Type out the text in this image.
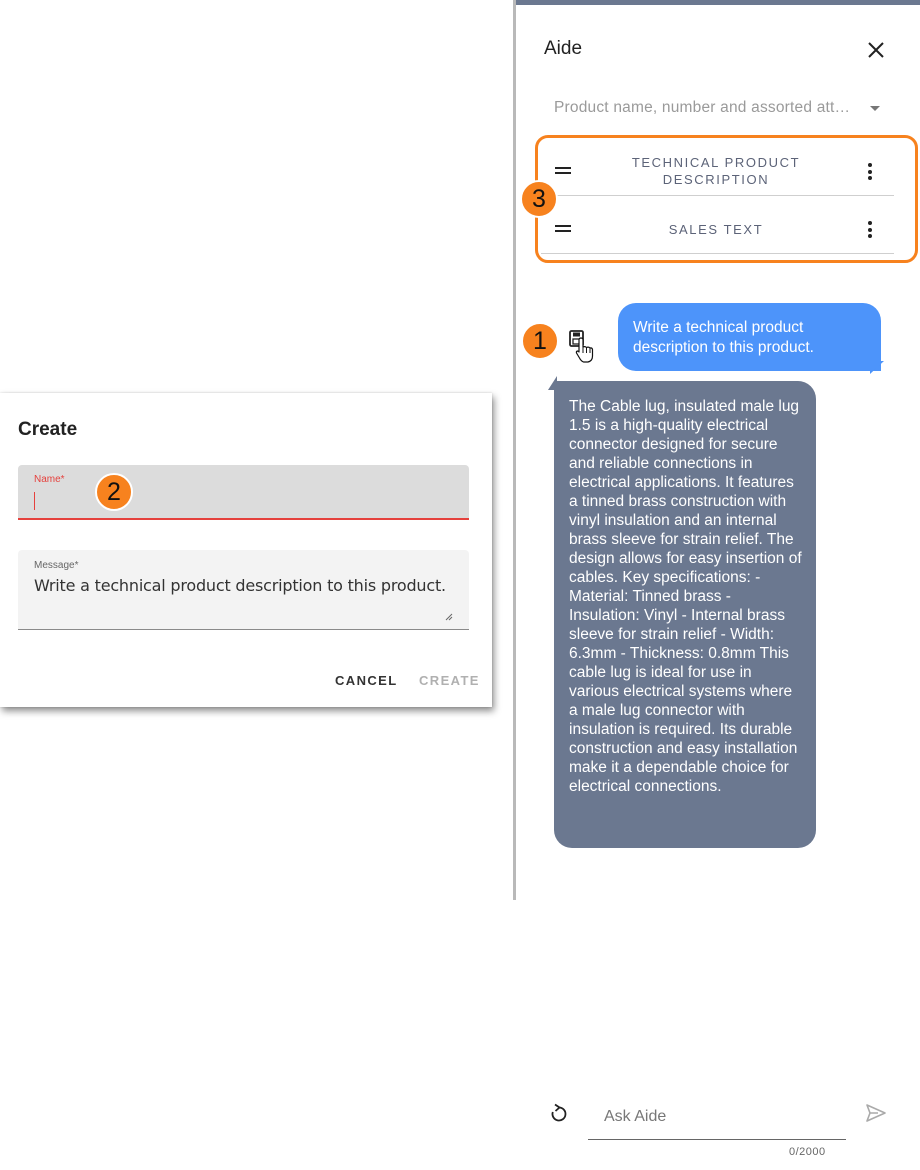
Create
Name*
Message*
Write a technical product description to this product.
CANCEL CREATE
2
Aide
Product name, number and assorted att…
TECHNICAL PRODUCT DESCRIPTION
SALES TEXT
3
1	Write a technical product description to this product.
The Cable lug, insulated male lug 1.5 is a high-quality electrical connector designed for secure and reliable connections in electrical applications. It features a tinned brass construction with vinyl insulation and an internal brass sleeve for strain relief. The design allows for easy insertion of cables. Key specifications: - Material: Tinned brass - Insulation: Vinyl - Internal brass sleeve for strain relief - Width: 6.3mm - Thickness: 0.8mm This cable lug is ideal for use in various electrical systems where a male lug connector with insulation is required. Its durable construction and easy installation make it a dependable choice for electrical connections.
Ask Aide
0/2000
